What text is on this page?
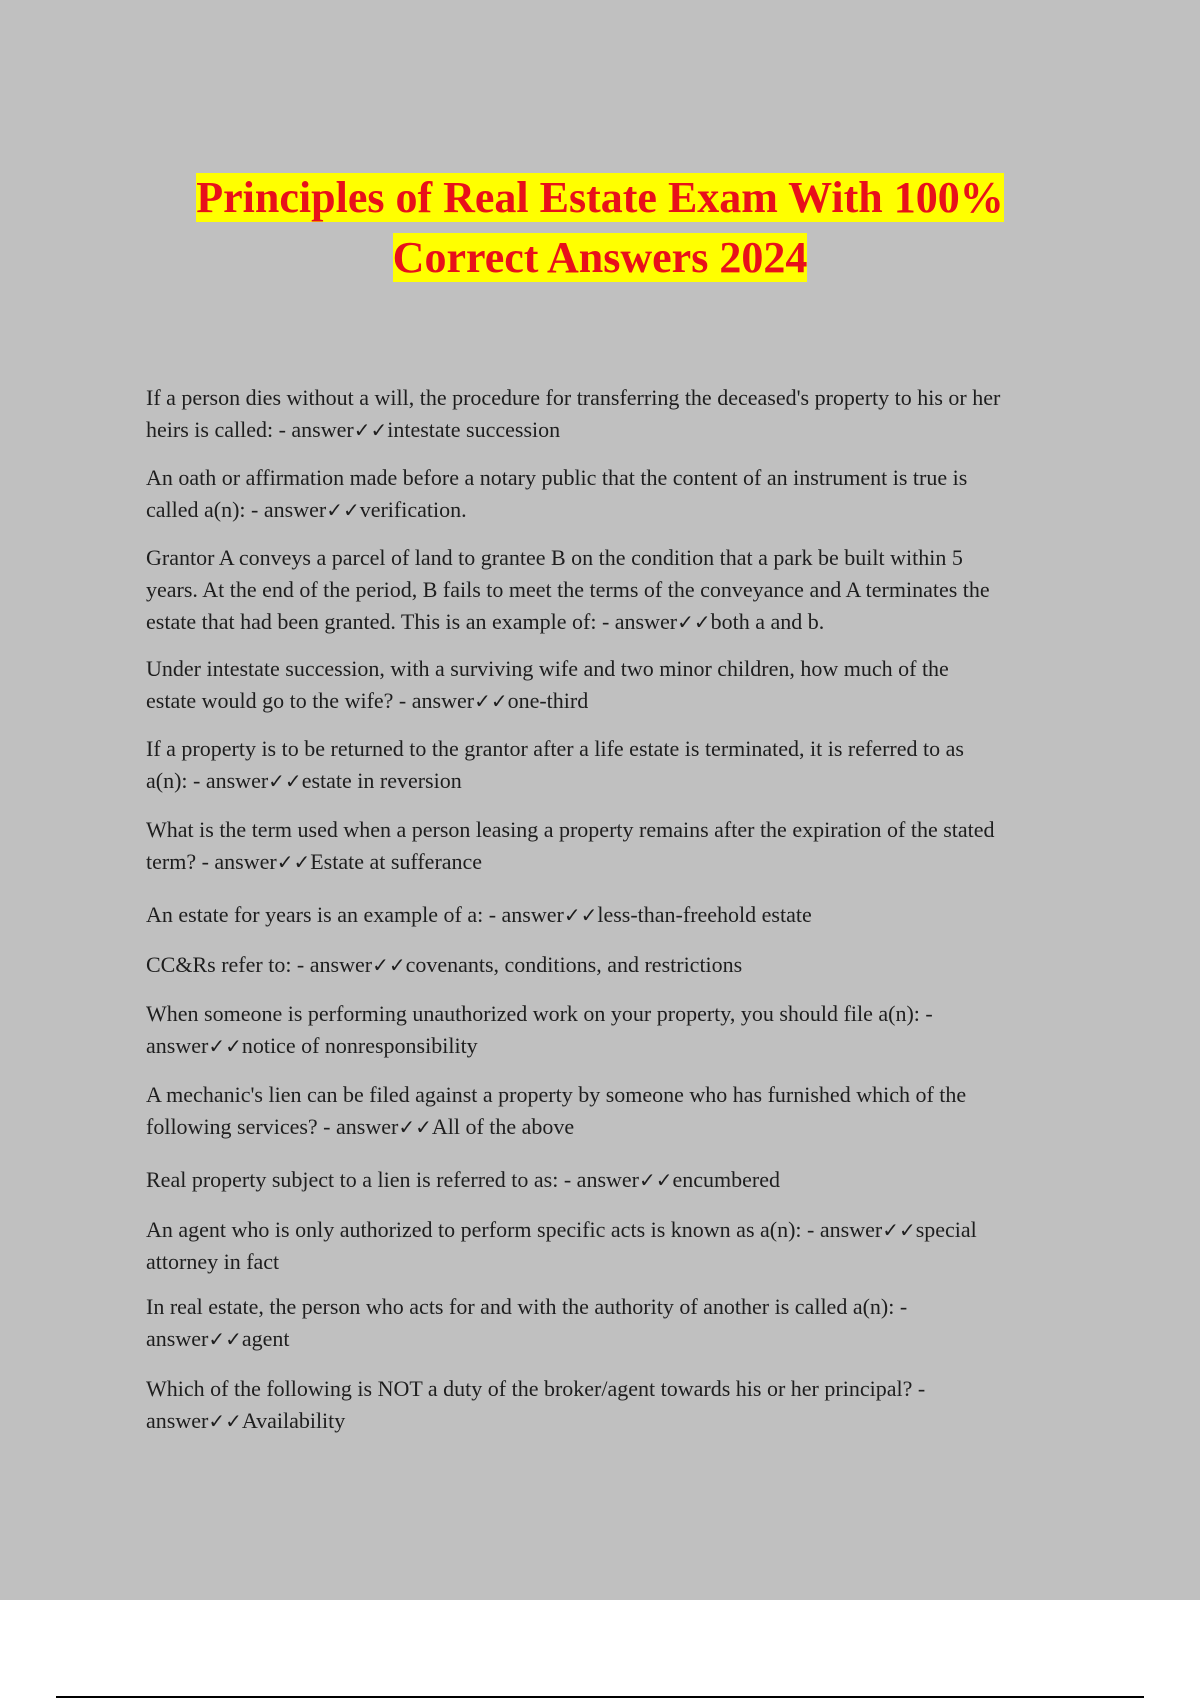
Principles of Real Estate Exam With 100%
Correct Answers 2024

If a person dies without a will, the procedure for transferring the deceased's property to his or her
heirs is called: - answer✓✓intestate succession

An oath or affirmation made before a notary public that the content of an instrument is true is
called a(n): - answer✓✓verification.

Grantor A conveys a parcel of land to grantee B on the condition that a park be built within 5
years. At the end of the period, B fails to meet the terms of the conveyance and A terminates the
estate that had been granted. This is an example of: - answer✓✓both a and b.

Under intestate succession, with a surviving wife and two minor children, how much of the
estate would go to the wife? - answer✓✓one-third

If a property is to be returned to the grantor after a life estate is terminated, it is referred to as
a(n): - answer✓✓estate in reversion

What is the term used when a person leasing a property remains after the expiration of the stated
term? - answer✓✓Estate at sufferance

An estate for years is an example of a: - answer✓✓less-than-freehold estate

CC&Rs refer to: - answer✓✓covenants, conditions, and restrictions

When someone is performing unauthorized work on your property, you should file a(n): -
answer✓✓notice of nonresponsibility

A mechanic's lien can be filed against a property by someone who has furnished which of the
following services? - answer✓✓All of the above

Real property subject to a lien is referred to as: - answer✓✓encumbered

An agent who is only authorized to perform specific acts is known as a(n): - answer✓✓special
attorney in fact

In real estate, the person who acts for and with the authority of another is called a(n): -
answer✓✓agent

Which of the following is NOT a duty of the broker/agent towards his or her principal? -
answer✓✓Availability
